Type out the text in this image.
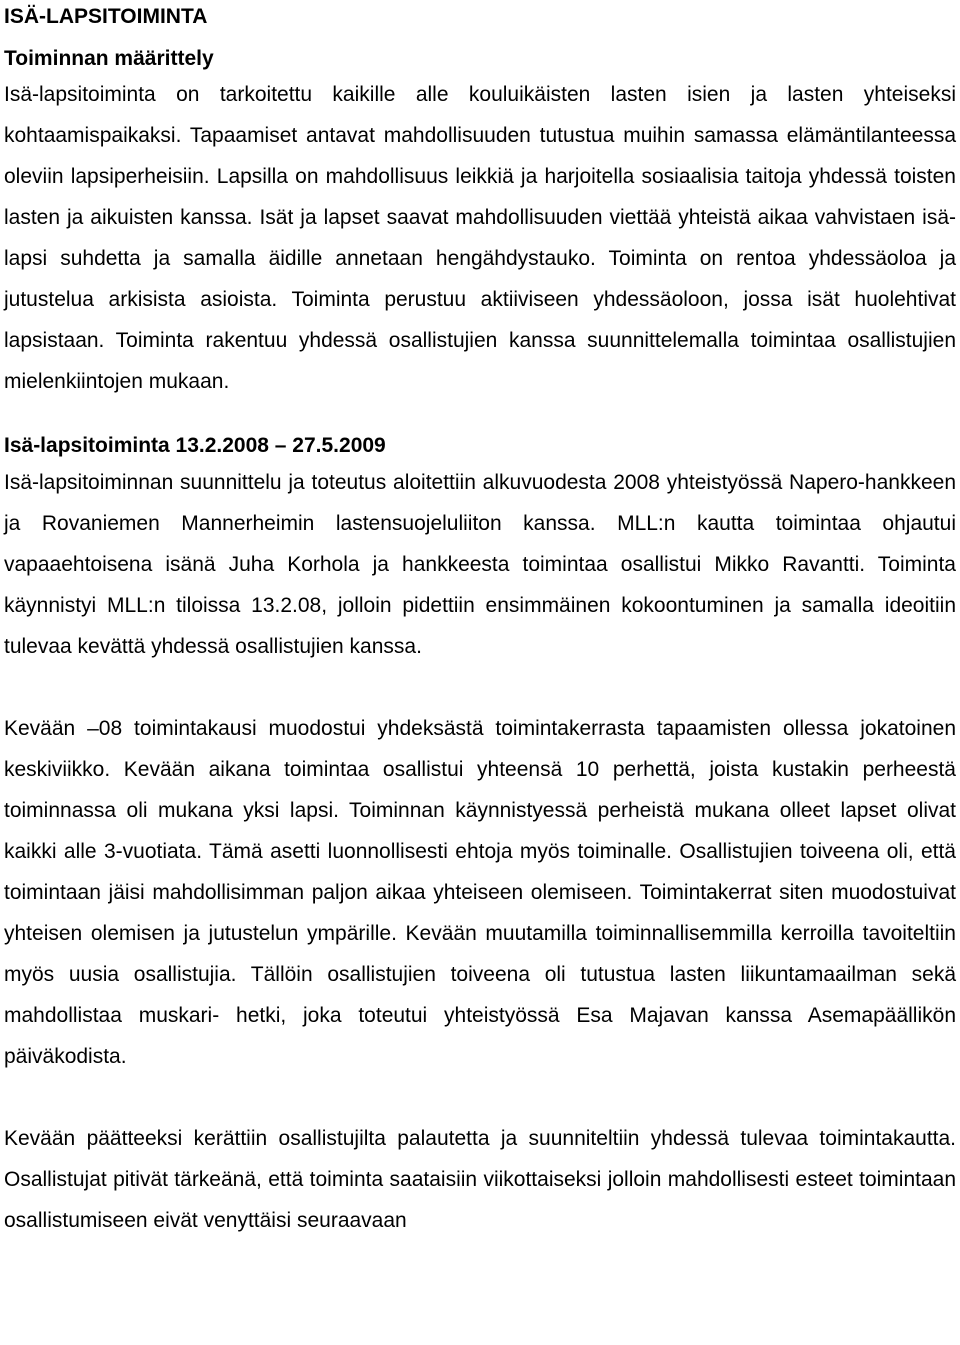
ISÄ-LAPSITOIMINTA
Toiminnan määrittely

Isä-lapsitoiminta on tarkoitettu kaikille alle kouluikäisten lasten isien ja lasten yhteiseksi kohtaamispaikaksi. Tapaamiset antavat mahdollisuuden tutustua muihin samassa elämäntilanteessa oleviin lapsiperheisiin. Lapsilla on mahdollisuus leikkiä ja harjoitella sosiaalisia taitoja yhdessä toisten lasten ja aikuisten kanssa. Isät ja lapset saavat mahdollisuuden viettää yhteistä aikaa vahvistaen isä-lapsi suhdetta ja samalla äidille annetaan hengähdystauko. Toiminta on rentoa yhdessäoloa ja jutustelua arkisista asioista. Toiminta perustuu aktiiviseen yhdessäoloon, jossa isät huolehtivat lapsistaan. Toiminta rakentuu yhdessä osallistujien kanssa suunnittelemalla toimintaa osallistujien mielenkiintojen mukaan.

Isä-lapsitoiminta 13.2.2008 – 27.5.2009

Isä-lapsitoiminnan suunnittelu ja toteutus aloitettiin alkuvuodesta 2008 yhteistyössä Napero-hankkeen ja Rovaniemen Mannerheimin lastensuojeluliiton kanssa. MLL:n kautta toimintaa ohjautui vapaaehtoisena isänä Juha Korhola ja hankkeesta toimintaa osallistui Mikko Ravantti. Toiminta käynnistyi MLL:n tiloissa 13.2.08, jolloin pidettiin ensimmäinen kokoontuminen ja samalla ideoitiin tulevaa kevättä yhdessä osallistujien kanssa.

Kevään –08 toimintakausi muodostui yhdeksästä toimintakerrasta tapaamisten ollessa jokatoinen keskiviikko. Kevään aikana toimintaa osallistui yhteensä 10 perhettä, joista kustakin perheestä toiminnassa oli mukana yksi lapsi. Toiminnan käynnistyessä perheistä mukana olleet lapset olivat kaikki alle 3-vuotiata. Tämä asetti luonnollisesti ehtoja myös toiminalle. Osallistujien toiveena oli, että toimintaan jäisi mahdollisimman paljon aikaa yhteiseen olemiseen. Toimintakerrat siten muodostuivat yhteisen olemisen ja jutustelun ympärille. Kevään muutamilla toiminnallisemmilla kerroilla tavoiteltiin myös uusia osallistujia. Tällöin osallistujien toiveena oli tutustua lasten liikuntamaailman sekä mahdollistaa muskari- hetki, joka toteutui yhteistyössä Esa Majavan kanssa Asemapäällikön päiväkodista.

Kevään päätteeksi kerättiin osallistujilta palautetta ja suunniteltiin yhdessä tulevaa toimintakautta. Osallistujat pitivät tärkeänä, että toiminta saataisiin viikottaiseksi jolloin mahdollisesti esteet toimintaan osallistumiseen eivät venyttäisi seuraavaan
